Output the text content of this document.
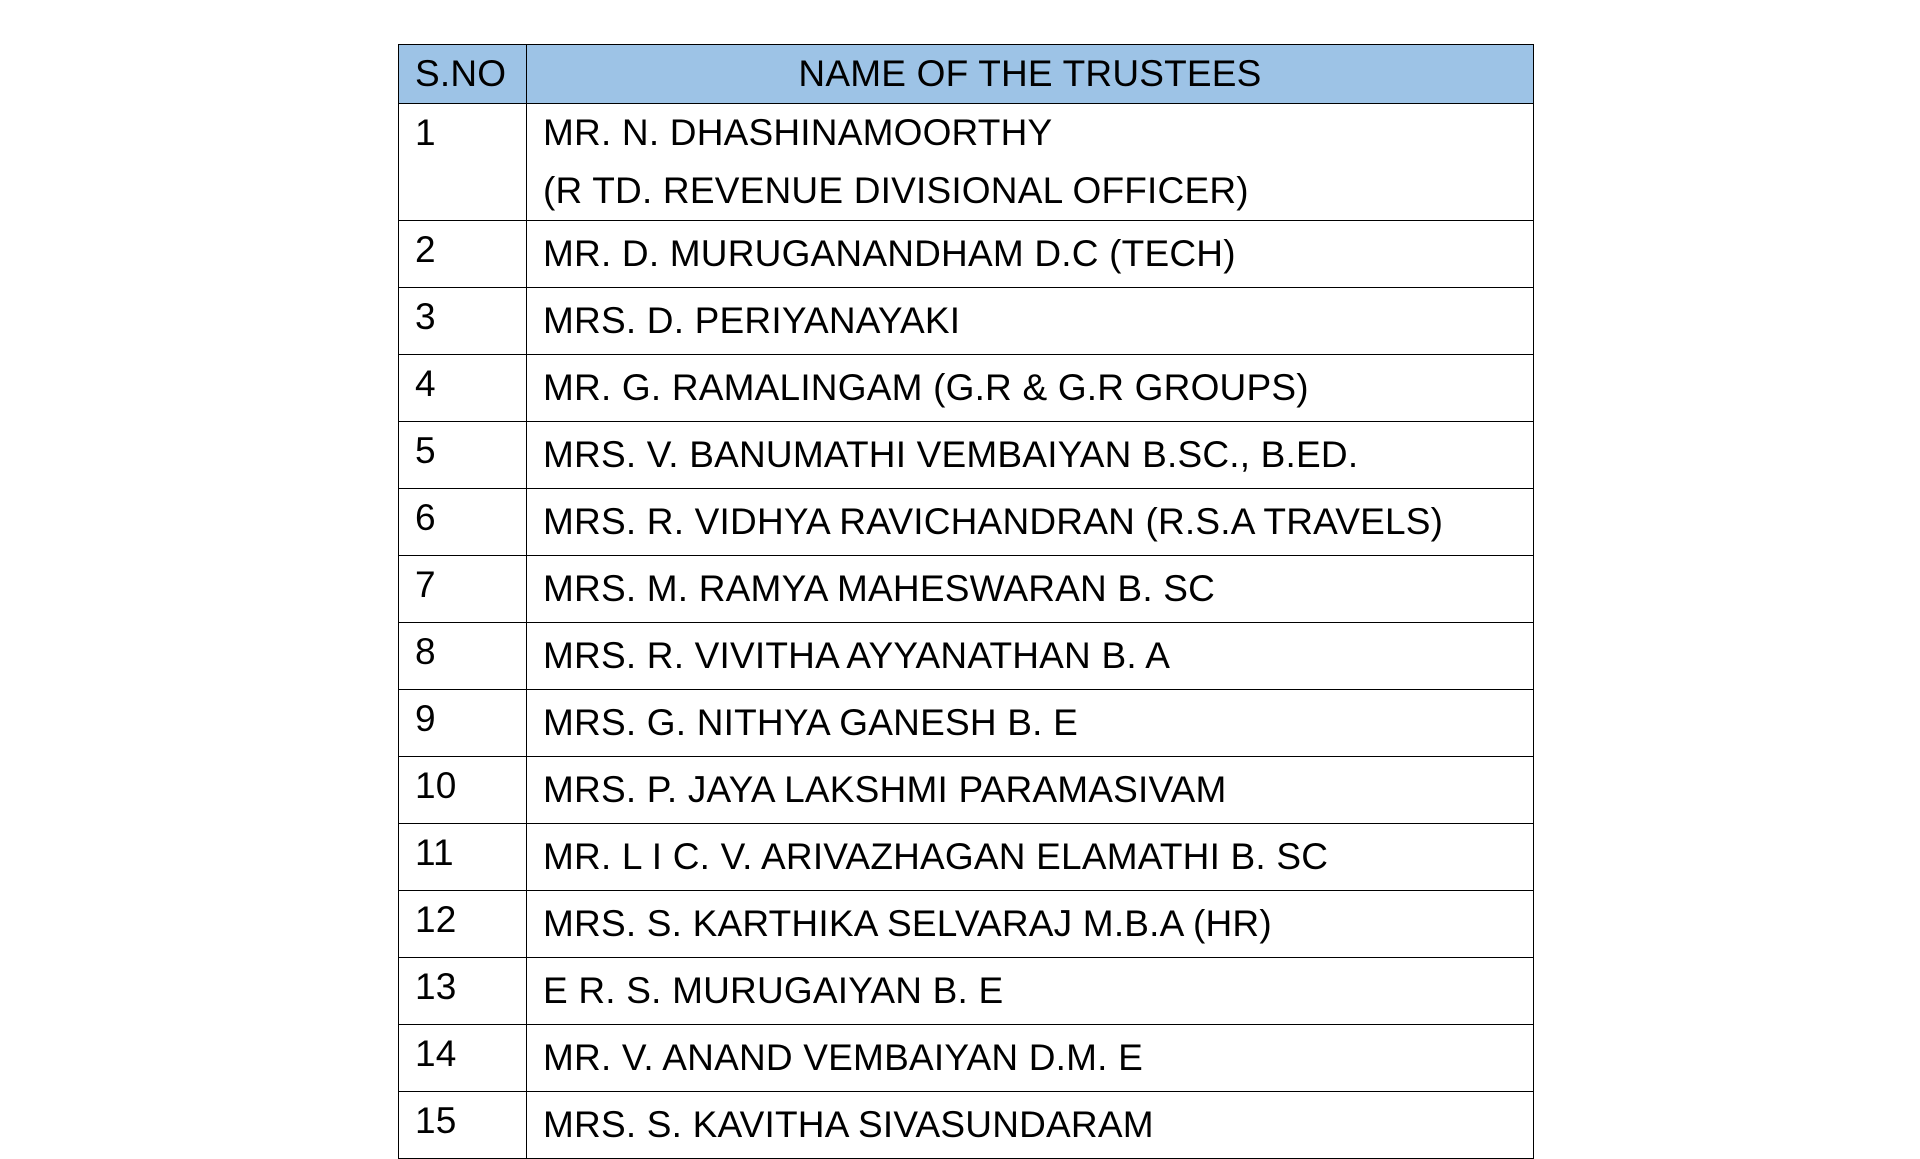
S.NO	NAME OF THE TRUSTEES
1	MR. N. DHASHINAMOORTHY
(R TD. REVENUE DIVISIONAL OFFICER)

2	MR. D. MURUGANANDHAM D.C (TECH)
3	MRS. D. PERIYANAYAKI
4	MR. G. RAMALINGAM (G.R & G.R GROUPS)
5	MRS. V. BANUMATHI VEMBAIYAN B.SC., B.ED.
6	MRS. R. VIDHYA RAVICHANDRAN (R.S.A TRAVELS)
7	MRS. M. RAMYA MAHESWARAN B. SC
8	MRS. R. VIVITHA AYYANATHAN B. A
9	MRS. G. NITHYA GANESH B. E
10	MRS. P. JAYA LAKSHMI PARAMASIVAM
11	MR. L I C. V. ARIVAZHAGAN ELAMATHI B. SC
12	MRS. S. KARTHIKA SELVARAJ M.B.A (HR)
13	E R. S. MURUGAIYAN B. E
14	MR. V. ANAND VEMBAIYAN D.M. E
15	MRS. S. KAVITHA SIVASUNDARAM
